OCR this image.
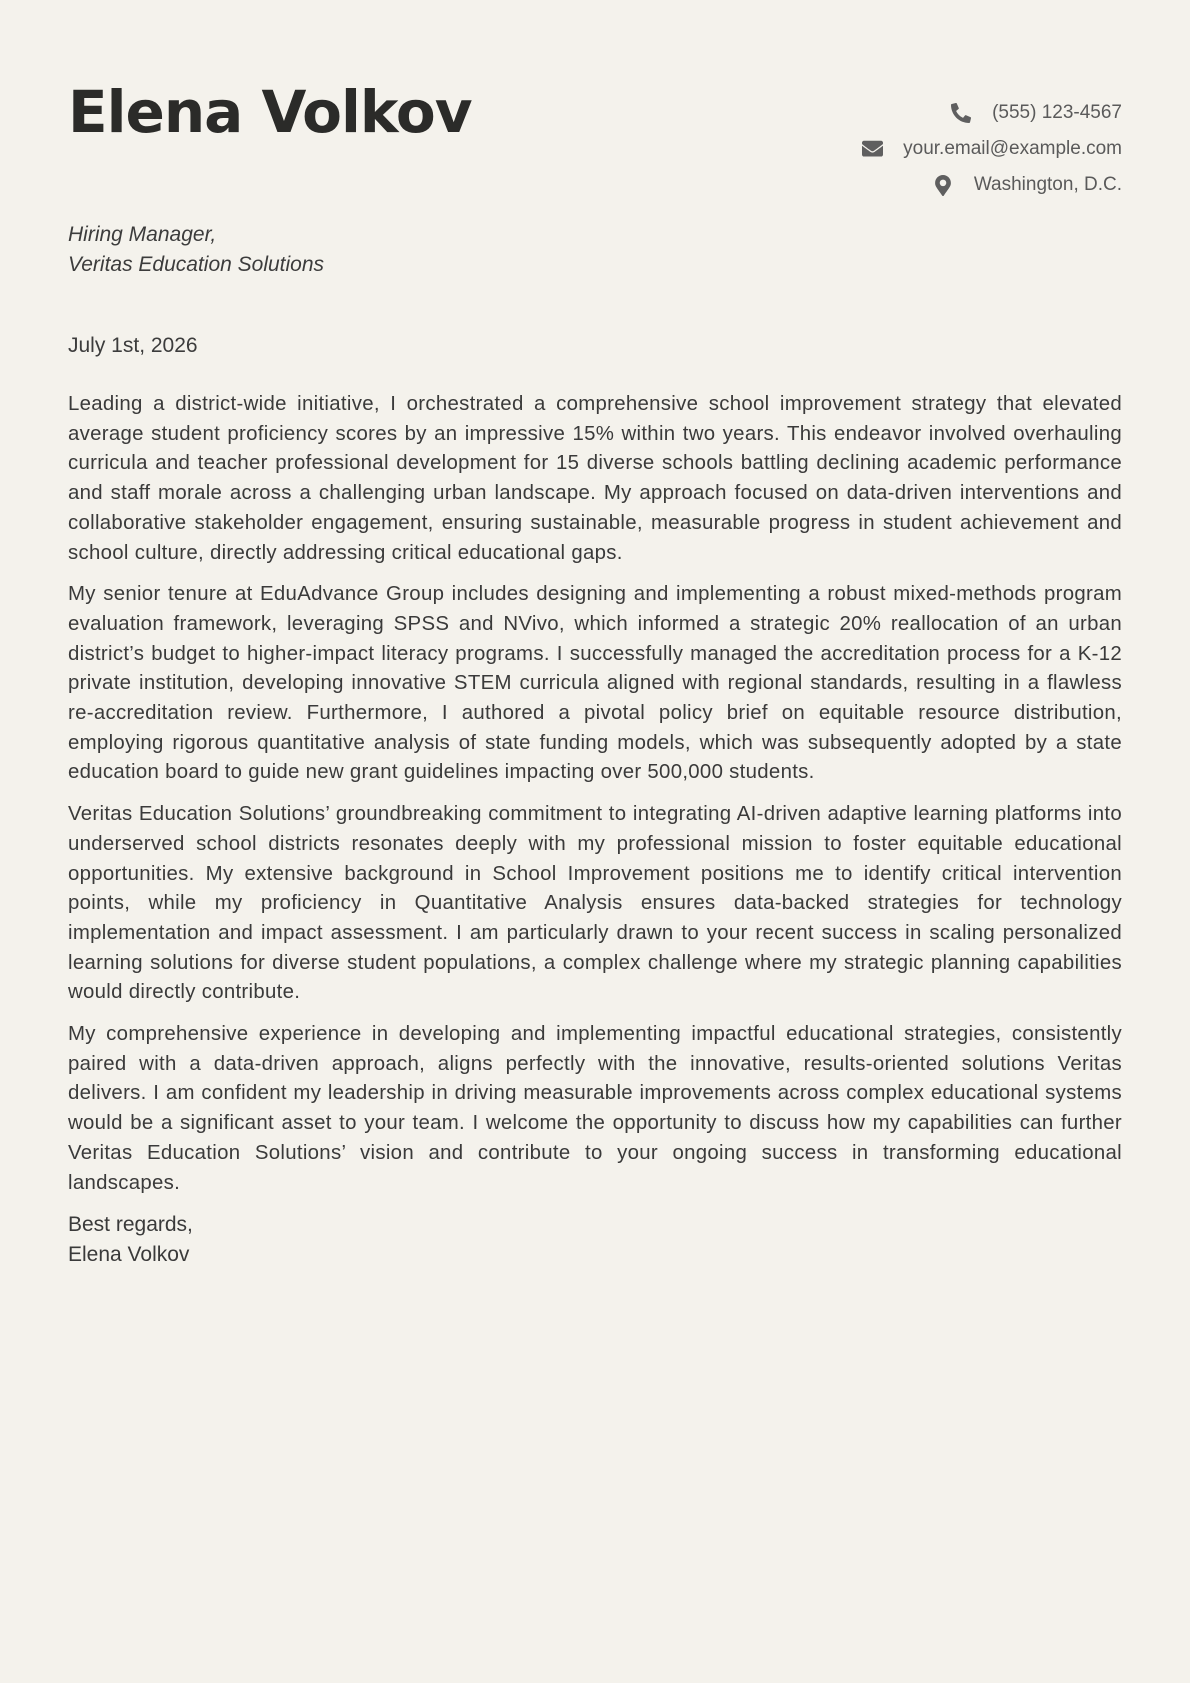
Elena Volkov	(555) 123-4567
your.email@example.com
Washington, D.C.
Hiring Manager,
Veritas Education Solutions
July 1st, 2026

Leading a district-wide initiative, I orchestrated a comprehensive school improvement strategy that elevated average student proficiency scores by an impressive 15% within two years. This endeavor involved overhauling curricula and teacher professional development for 15 diverse schools battling declining academic performance and staff morale across a challenging urban landscape. My approach focused on data-driven interventions and collaborative stakeholder engagement, ensuring sustainable, measurable progress in student achievement and school culture, directly addressing critical educational gaps.

My senior tenure at EduAdvance Group includes designing and implementing a robust mixed-methods program evaluation framework, leveraging SPSS and NVivo, which informed a strategic 20% reallocation of an urban district’s budget to higher-impact literacy programs. I successfully managed the accreditation process for a K-12 private institution, developing innovative STEM curricula aligned with regional standards, resulting in a flawless re-accreditation review. Furthermore, I authored a pivotal policy brief on equitable resource distribution, employing rigorous quantitative analysis of state funding models, which was subsequently adopted by a state education board to guide new grant guidelines impacting over 500,000 students.

Veritas Education Solutions’ groundbreaking commitment to integrating AI-driven adaptive learning platforms into underserved school districts resonates deeply with my professional mission to foster equitable educational opportunities. My extensive background in School Improvement positions me to identify critical intervention points, while my proficiency in Quantitative Analysis ensures data-backed strategies for technology implementation and impact assessment. I am particularly drawn to your recent success in scaling personalized learning solutions for diverse student populations, a complex challenge where my strategic planning capabilities would directly contribute.

My comprehensive experience in developing and implementing impactful educational strategies, consistently paired with a data-driven approach, aligns perfectly with the innovative, results-oriented solutions Veritas delivers. I am confident my leadership in driving measurable improvements across complex educational systems would be a significant asset to your team. I welcome the opportunity to discuss how my capabilities can further Veritas Education Solutions’ vision and contribute to your ongoing success in transforming educational landscapes.

Best regards,
Elena Volkov
